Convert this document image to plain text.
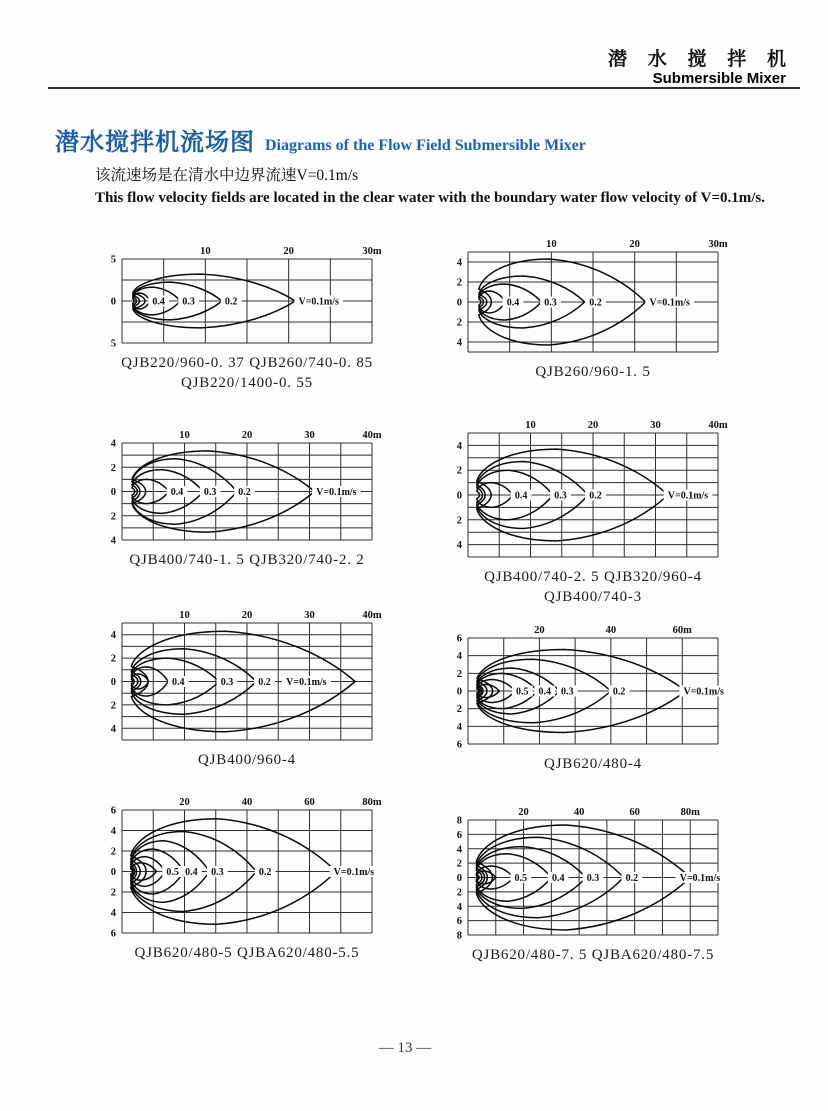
潜 水 搅 拌 机
Submersible Mixer
潜水搅拌机流场图 Diagrams of the Flow Field Submersible Mixer
该流速场是在清水中边界流速V=0.1m/s
This flow velocity fields are located in the clear water with the boundary water flow velocity of V=0.1m/s.
10	20	30m
5
0
5
0.4 0.3	0.2	V=0.1m/s
QJB220/960-0. 37 QJB260/740-0. 85
QJB220/1400-0. 55
10	20	30m
4
2
0
2
4
0.4	0.3	0.2	V=0.1m/s
QJB260/960-1. 5
10	20	30	40m
4
2
0
2
4
0.4 0.3 0.2	V=0.1m/s
QJB400/740-1. 5 QJB320/740-2. 2
10	20	30	40m
4
2
0
2
4
0.4	0.3 0.2	V=0.1m/s
QJB400/740-2. 5 QJB320/960-4
QJB400/740-3
10	20	30	40m
4
2
0
2
4
0.4	0.3	0.2 V=0.1m/s
QJB400/960-4
20	40	60m
6
4
2
0
2
4
6
0.5 0.4 0.3	0.2	V=0.1m/s
QJB620/480-4
20	40	60	80m
6
4
2
0
2
4
6
0.5 0.4 0.3	0.2	V=0.1m/s
QJB620/480-5 QJBA620/480-5.5
20	40	60	80m
8
6
4
2
0
2
4
6
8
0.5	0.4 0.3	0.2	V=0.1m/s
QJB620/480-7. 5 QJBA620/480-7.5
— 13 —
